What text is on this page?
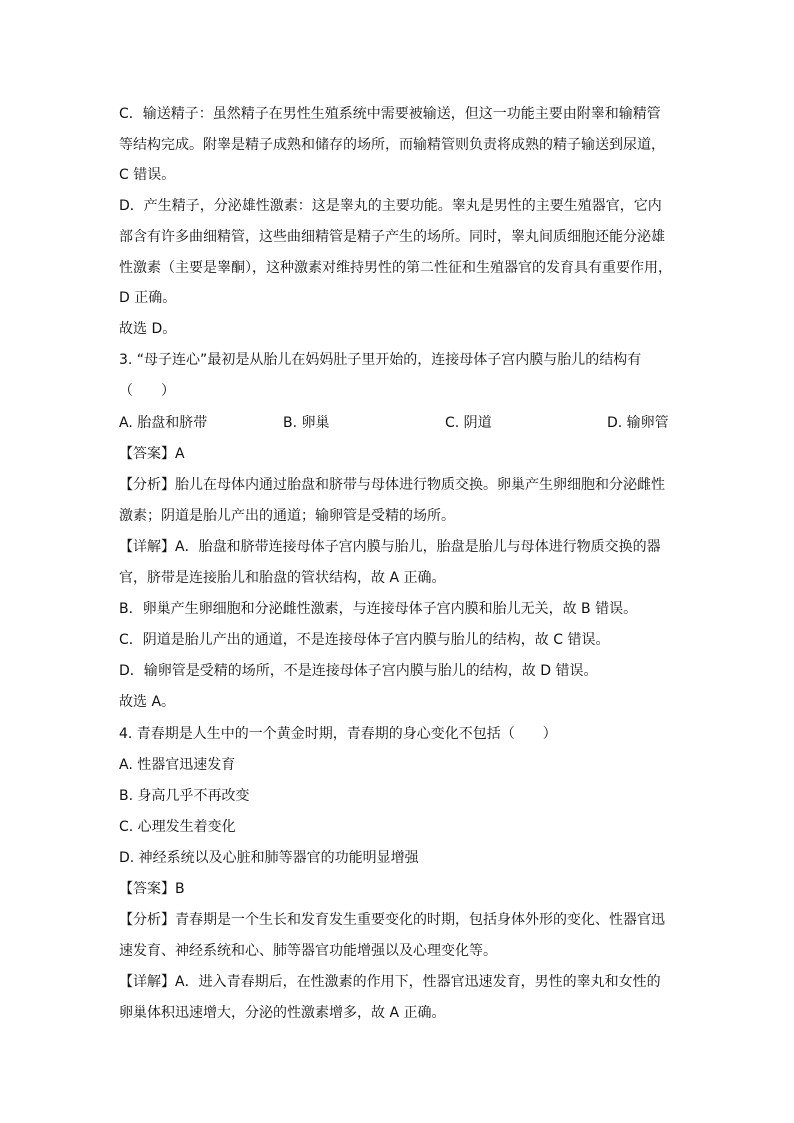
C．输送精子：虽然精子在男性生殖系统中需要被输送，但这一功能主要由附睾和输精管
等结构完成。附睾是精子成熟和储存的场所，而输精管则负责将成熟的精子输送到尿道，
C 错误。
D．产生精子，分泌雄性激素：这是睾丸的主要功能。睾丸是男性的主要生殖器官，它内
部含有许多曲细精管，这些曲细精管是精子产生的场所。同时，睾丸间质细胞还能分泌雄
性激素（主要是睾酮），这种激素对维持男性的第二性征和生殖器官的发育具有重要作用，
D 正确。
故选 D。
3. “母子连心”最初是从胎儿在妈妈肚子里开始的，连接母体子宫内膜与胎儿的结构有
（　　）
A. 胎盘和脐带	B. 卵巢	C. 阴道	D. 输卵管
【答案】A
【分析】胎儿在母体内通过胎盘和脐带与母体进行物质交换。卵巢产生卵细胞和分泌雌性
激素；阴道是胎儿产出的通道；输卵管是受精的场所。
【详解】A．胎盘和脐带连接母体子宫内膜与胎儿，胎盘是胎儿与母体进行物质交换的器
官，脐带是连接胎儿和胎盘的管状结构，故 A 正确。
B．卵巢产生卵细胞和分泌雌性激素，与连接母体子宫内膜和胎儿无关，故 B 错误。
C．阴道是胎儿产出的通道，不是连接母体子宫内膜与胎儿的结构，故 C 错误。
D．输卵管是受精的场所，不是连接母体子宫内膜与胎儿的结构，故 D 错误。
故选 A。
4. 青春期是人生中的一个黄金时期，青春期的身心变化不包括（　　）
A. 性器官迅速发育
B. 身高几乎不再改变
C. 心理发生着变化
D. 神经系统以及心脏和肺等器官的功能明显增强
【答案】B
【分析】青春期是一个生长和发育发生重要变化的时期，包括身体外形的变化、性器官迅
速发育、神经系统和心、肺等器官功能增强以及心理变化等。
【详解】A．进入青春期后，在性激素的作用下，性器官迅速发育，男性的睾丸和女性的
卵巢体积迅速增大，分泌的性激素增多，故 A 正确。
